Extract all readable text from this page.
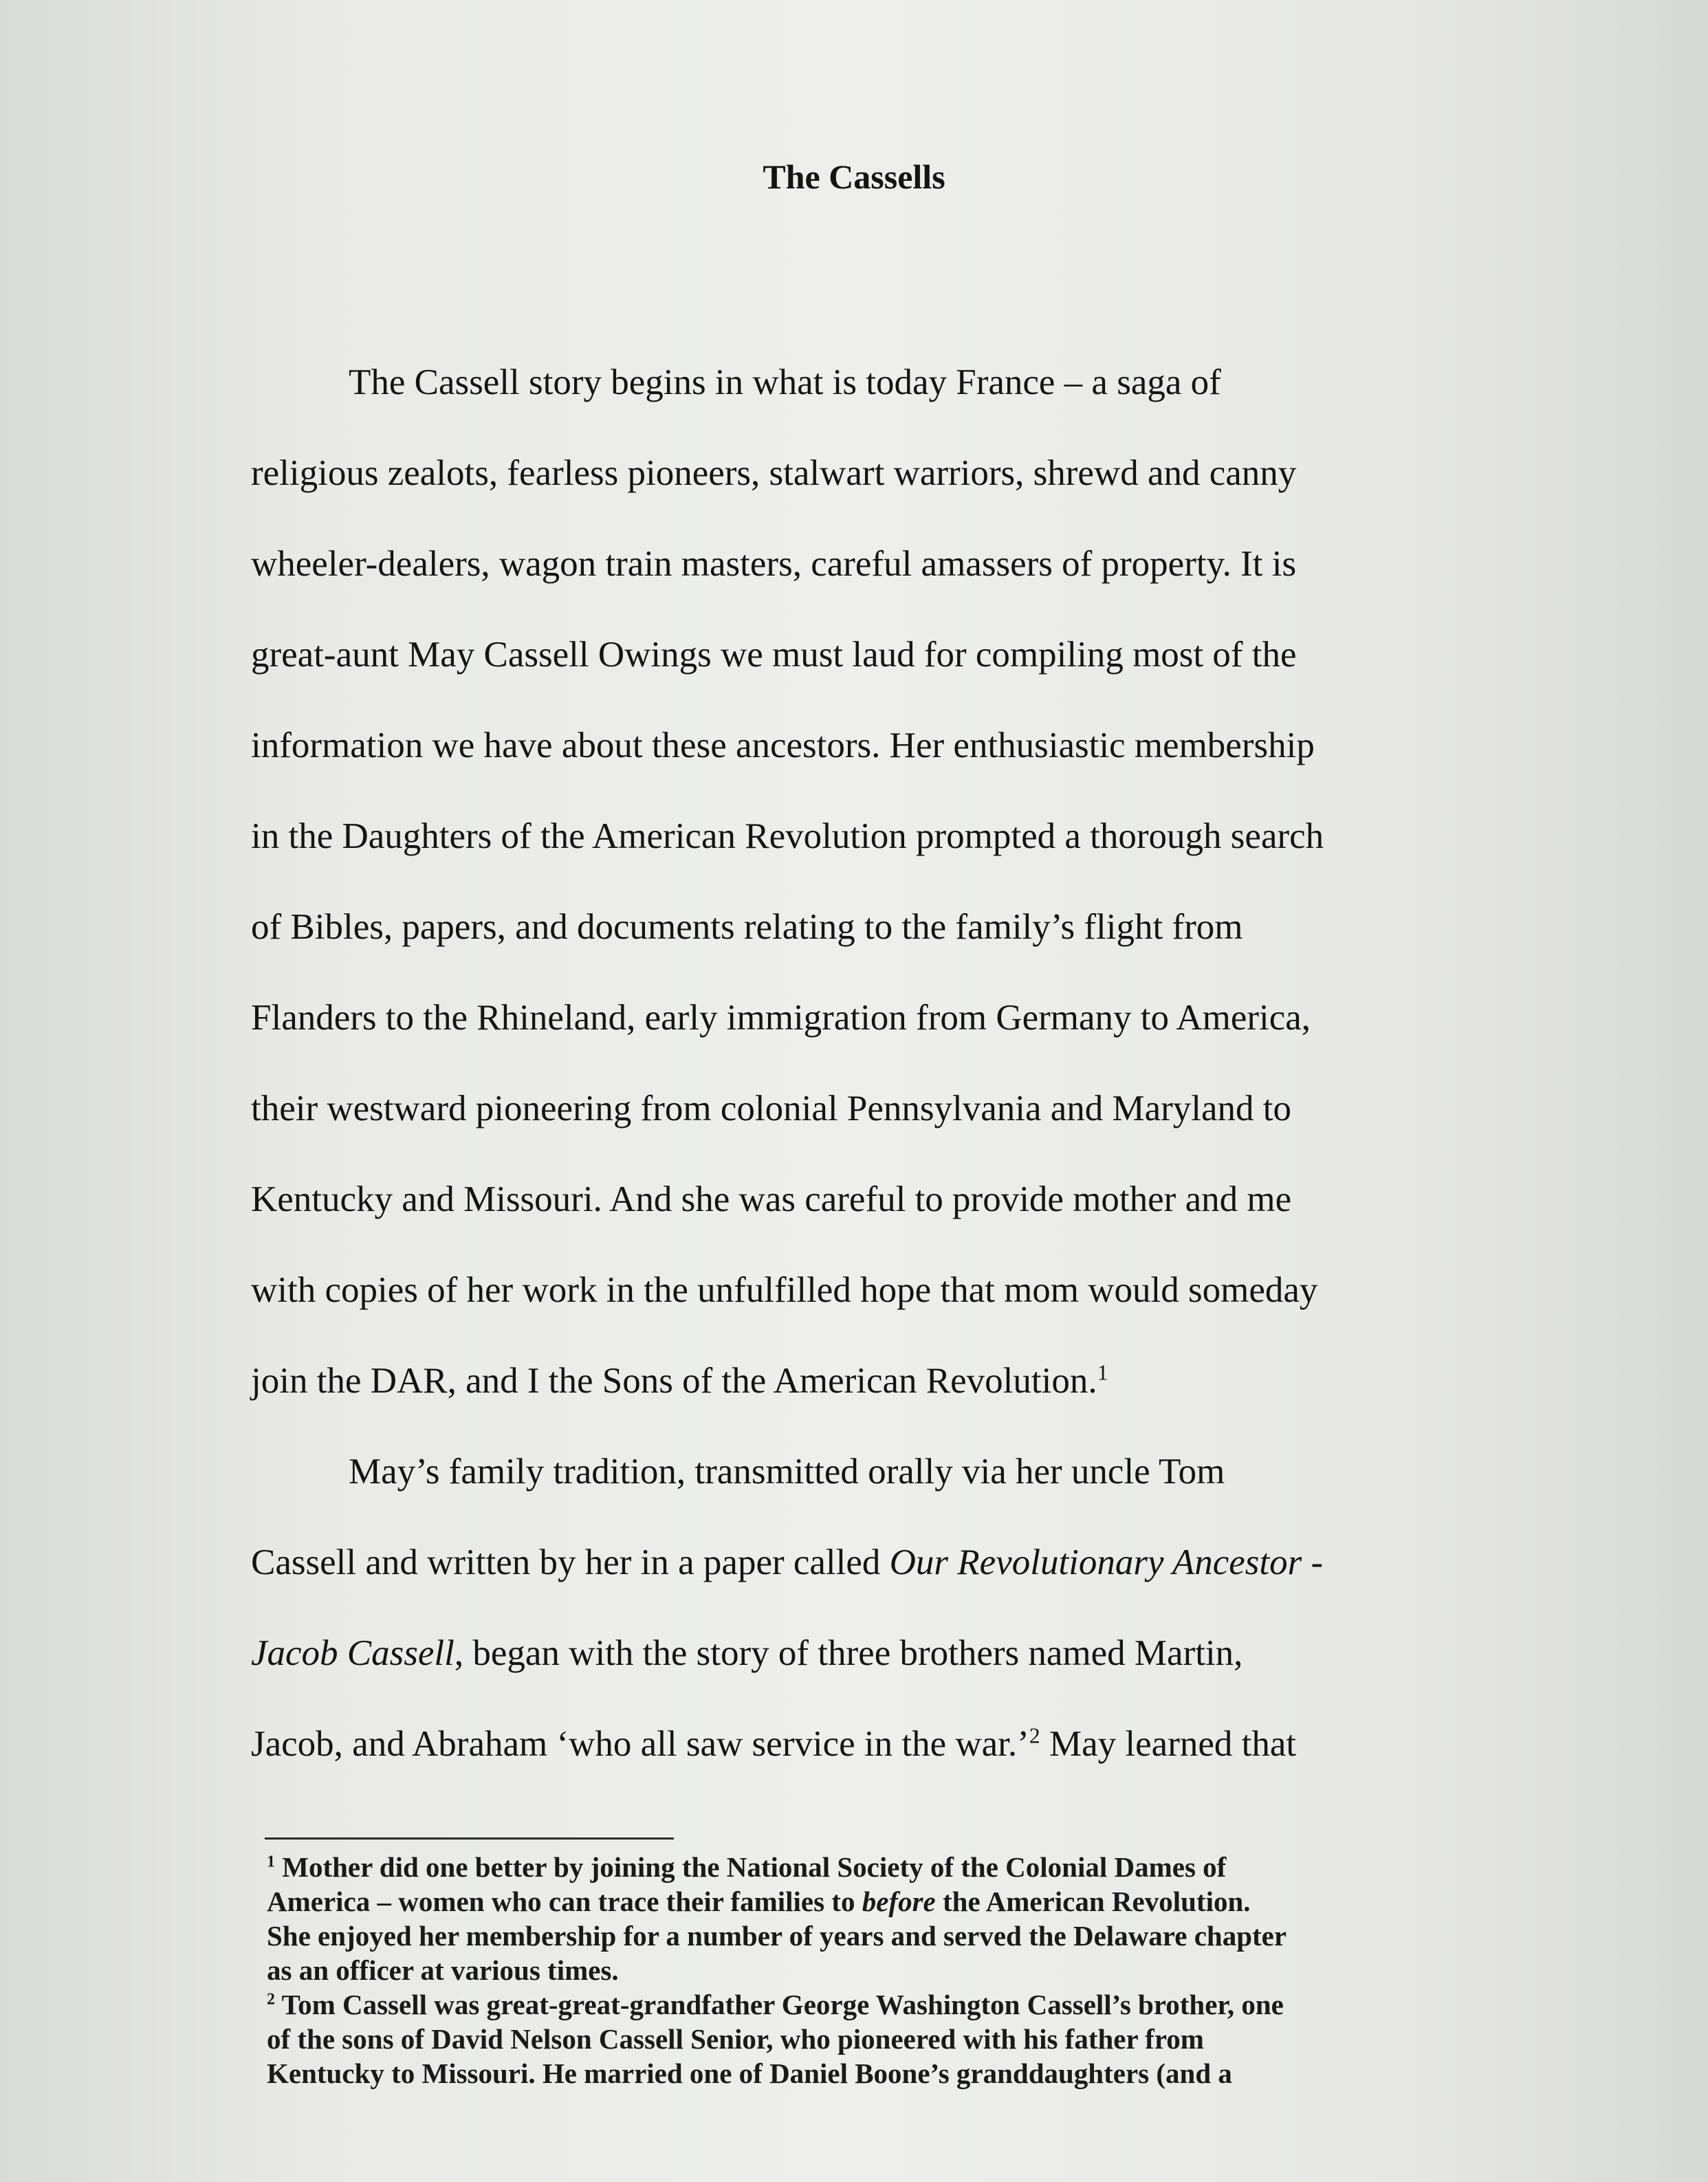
The Cassells
The Cassell story begins in what is today France – a saga of
religious zealots, fearless pioneers, stalwart warriors, shrewd and canny
wheeler-dealers, wagon train masters, careful amassers of property. It is
great-aunt May Cassell Owings we must laud for compiling most of the
information we have about these ancestors. Her enthusiastic membership
in the Daughters of the American Revolution prompted a thorough search
of Bibles, papers, and documents relating to the family’s flight from
Flanders to the Rhineland, early immigration from Germany to America,
their westward pioneering from colonial Pennsylvania and Maryland to
Kentucky and Missouri. And she was careful to provide mother and me
with copies of her work in the unfulfilled hope that mom would someday
join the DAR, and I the Sons of the American Revolution.$^1$
May’s family tradition, transmitted orally via her uncle Tom
Cassell and written by her in a paper called Our Revolutionary Ancestor -
Jacob Cassell, began with the story of three brothers named Martin,
Jacob, and Abraham ‘who all saw service in the war.’$^2$ May learned that
$^1$ Mother did one better by joining the National Society of the Colonial Dames of
America – women who can trace their families to before the American Revolution.
She enjoyed her membership for a number of years and served the Delaware chapter
as an officer at various times.
$^2$ Tom Cassell was great-great-grandfather George Washington Cassell’s brother, one
of the sons of David Nelson Cassell Senior, who pioneered with his father from
Kentucky to Missouri. He married one of Daniel Boone’s granddaughters (and a
